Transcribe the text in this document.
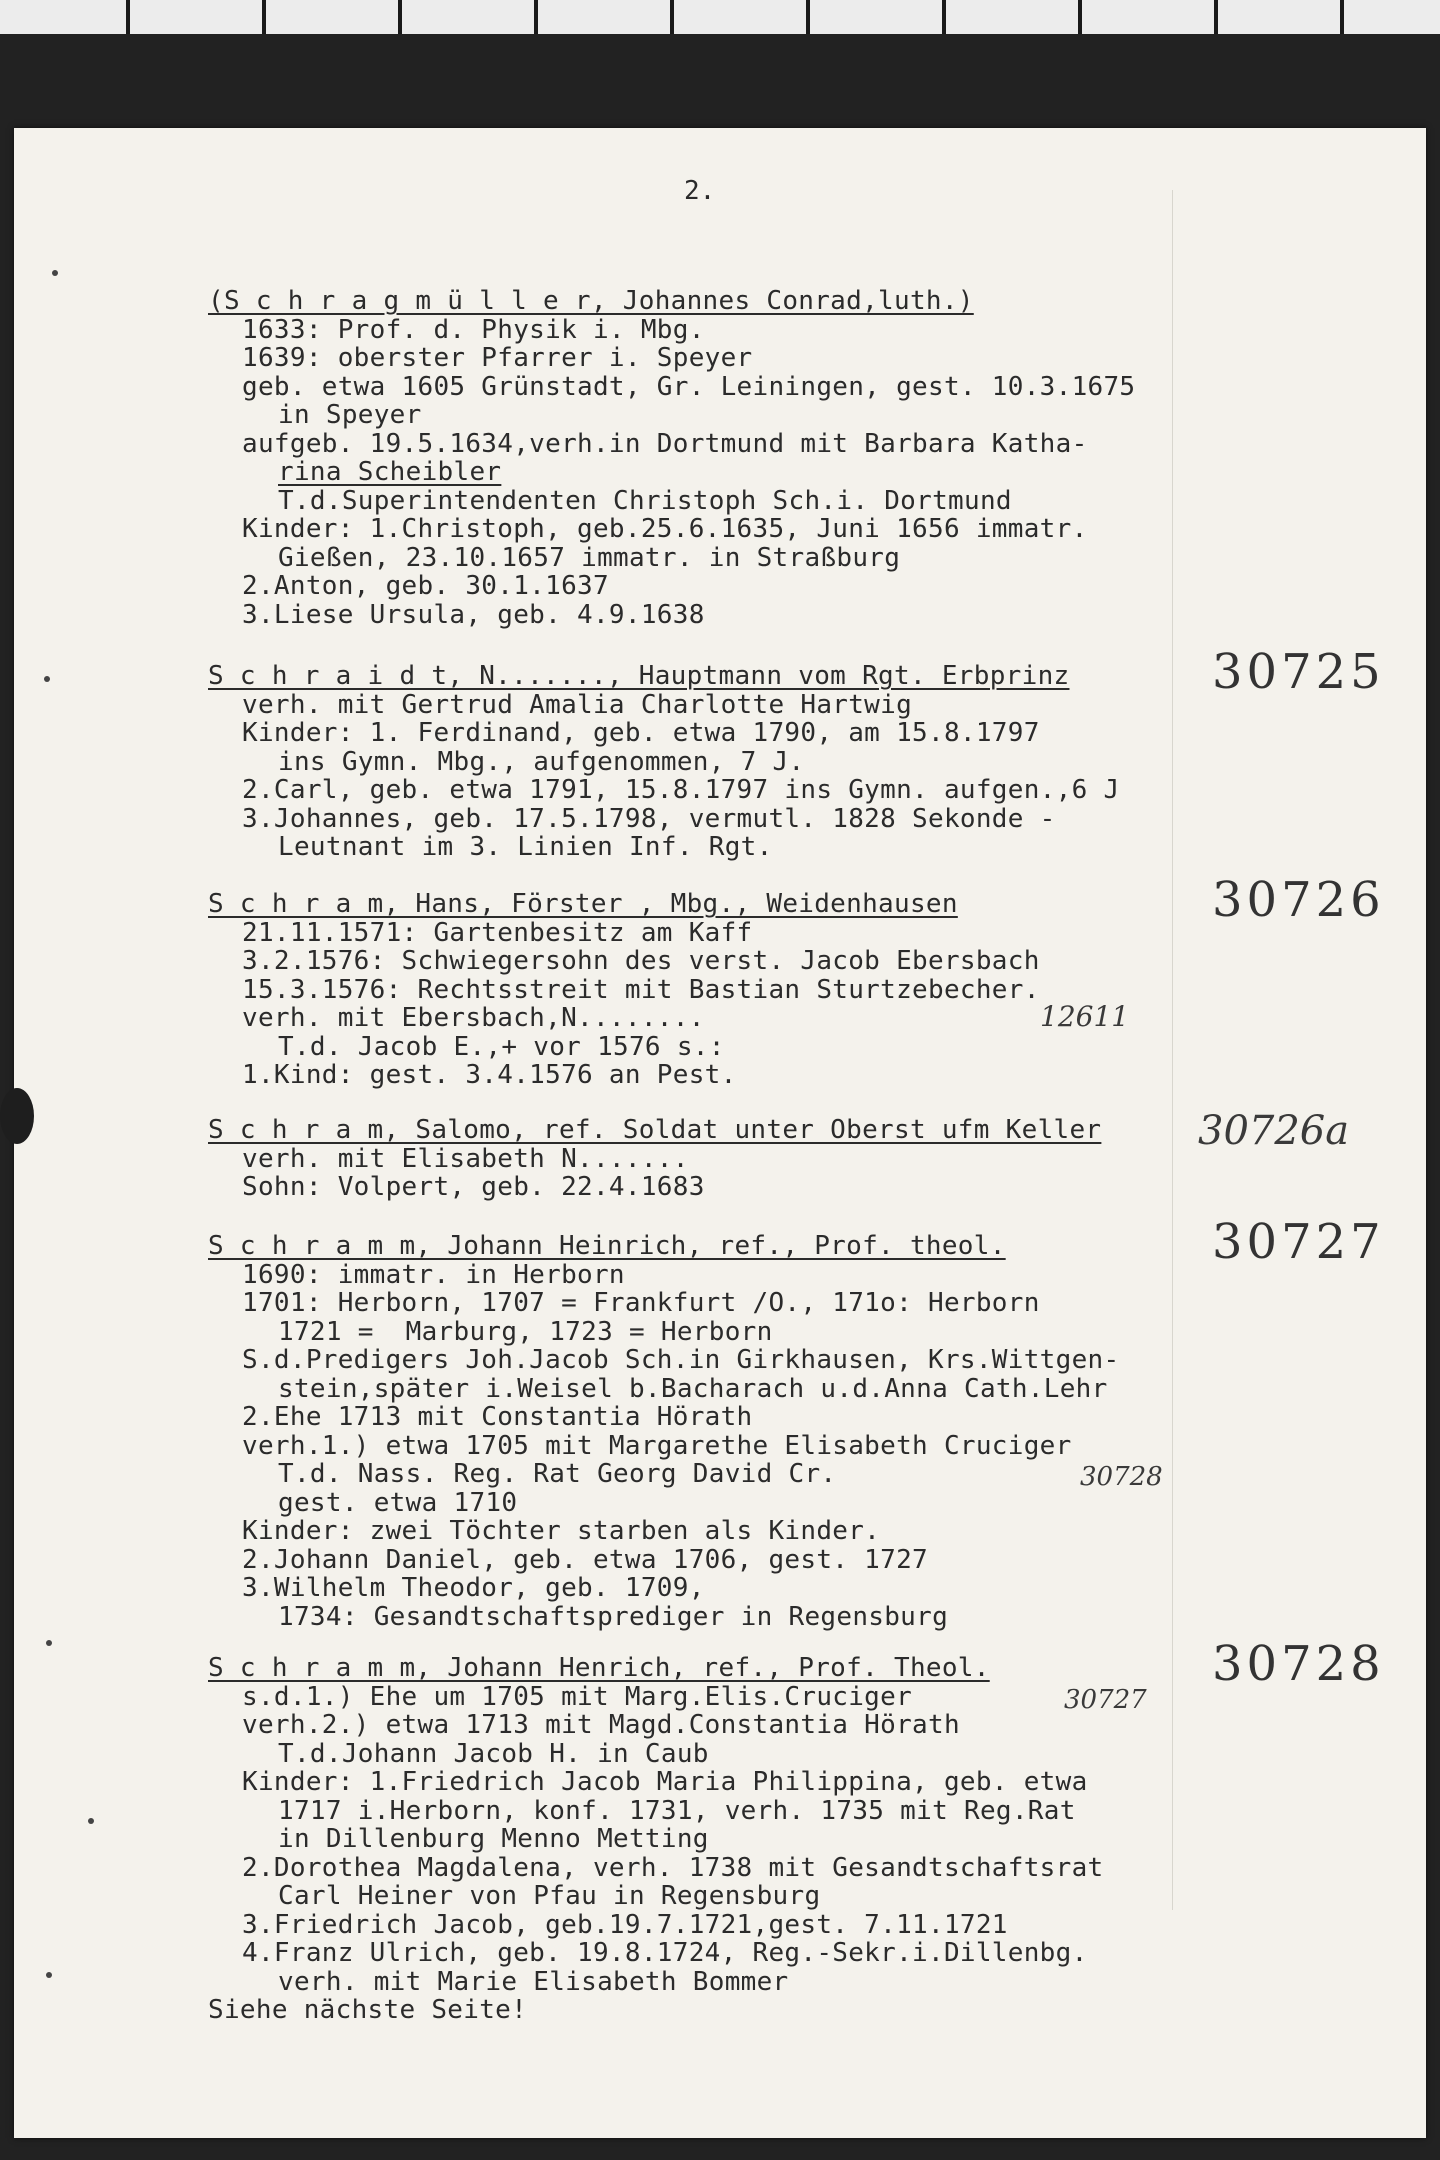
2.
(S c h r a g m ü l l e r, Johannes Conrad,luth.)
1633: Prof. d. Physik i. Mbg.
1639: oberster Pfarrer i. Speyer
geb. etwa 1605 Grünstadt, Gr. Leiningen, gest. 10.3.1675
in Speyer
aufgeb. 19.5.1634,verh.in Dortmund mit Barbara Katha-
rina Scheibler
T.d.Superintendenten Christoph Sch.i. Dortmund
Kinder: 1.Christoph, geb.25.6.1635, Juni 1656 immatr.
Gießen, 23.10.1657 immatr. in Straßburg
2.Anton, geb. 30.1.1637
3.Liese Ursula, geb. 4.9.1638
30725
S c h r a i d t, N......., Hauptmann vom Rgt. Erbprinz
verh. mit Gertrud Amalia Charlotte Hartwig
Kinder: 1. Ferdinand, geb. etwa 1790, am 15.8.1797
ins Gymn. Mbg., aufgenommen, 7 J.
2.Carl, geb. etwa 1791, 15.8.1797 ins Gymn. aufgen.,6 J
3.Johannes, geb. 17.5.1798, vermutl. 1828 Sekonde -
Leutnant im 3. Linien Inf. Rgt.
30726
S c h r a m, Hans, Förster , Mbg., Weidenhausen
21.11.1571: Gartenbesitz am Kaff
3.2.1576: Schwiegersohn des verst. Jacob Ebersbach
15.3.1576: Rechtsstreit mit Bastian Sturtzebecher.
verh. mit Ebersbach,N........
T.d. Jacob E.,+ vor 1576 s.:
1.Kind: gest. 3.4.1576 an Pest.
12611
30726a
S c h r a m, Salomo, ref. Soldat unter Oberst ufm Keller
verh. mit Elisabeth N.......
Sohn: Volpert, geb. 22.4.1683
30727
S c h r a m m, Johann Heinrich, ref., Prof. theol.
1690: immatr. in Herborn
1701: Herborn, 1707 = Frankfurt /O., 171o: Herborn
1721 =  Marburg, 1723 = Herborn
S.d.Predigers Joh.Jacob Sch.in Girkhausen, Krs.Wittgen-
stein,später i.Weisel b.Bacharach u.d.Anna Cath.Lehr
2.Ehe 1713 mit Constantia Hörath
verh.1.) etwa 1705 mit Margarethe Elisabeth Cruciger
T.d. Nass. Reg. Rat Georg David Cr.
gest. etwa 1710
Kinder: zwei Töchter starben als Kinder.
2.Johann Daniel, geb. etwa 1706, gest. 1727
3.Wilhelm Theodor, geb. 1709,
1734: Gesandtschaftsprediger in Regensburg
30728
30728
S c h r a m m, Johann Henrich, ref., Prof. Theol.
s.d.1.) Ehe um 1705 mit Marg.Elis.Cruciger
verh.2.) etwa 1713 mit Magd.Constantia Hörath
T.d.Johann Jacob H. in Caub
Kinder: 1.Friedrich Jacob Maria Philippina, geb. etwa
1717 i.Herborn, konf. 1731, verh. 1735 mit Reg.Rat
in Dillenburg Menno Metting
2.Dorothea Magdalena, verh. 1738 mit Gesandtschaftsrat
Carl Heiner von Pfau in Regensburg
3.Friedrich Jacob, geb.19.7.1721,gest. 7.11.1721
4.Franz Ulrich, geb. 19.8.1724, Reg.-Sekr.i.Dillenbg.
verh. mit Marie Elisabeth Bommer
Siehe nächste Seite!
30727
